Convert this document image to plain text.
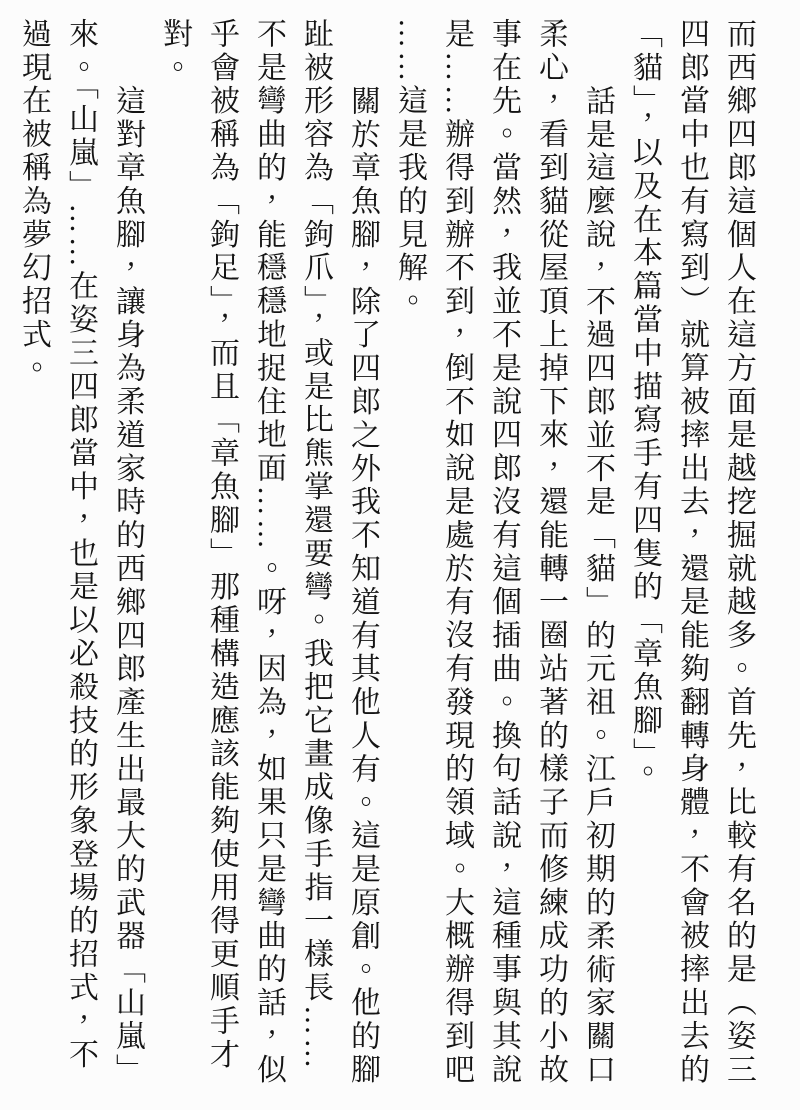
而西鄉四郎這個人在這方面是越挖掘就越多。首先，比較有名的是（姿三
四郎當中也有寫到）就算被摔出去，還是能夠翻轉身體，不會被摔出去的
「貓」，以及在本篇當中描寫手有四隻的「章魚腳」。
話是這麼說，不過四郎並不是「貓」的元祖。江戶初期的柔術家關口
柔心，看到貓從屋頂上掉下來，還能轉一圈站著的樣子而修練成功的小故
事在先。當然，我並不是說四郎沒有這個插曲。換句話說，這種事與其說
是……辦得到辦不到，倒不如說是處於有沒有發現的領域。大概辦得到吧
……這是我的見解。
關於章魚腳，除了四郎之外我不知道有其他人有。這是原創。他的腳
趾被形容為「鉤爪」，或是比熊掌還要彎。我把它畫成像手指一樣長……
不是彎曲的，能穩穩地捉住地面……。呀，因為，如果只是彎曲的話，似
乎會被稱為「鉤足」，而且「章魚腳」那種構造應該能夠使用得更順手才
對。
這對章魚腳，讓身為柔道家時的西鄉四郎產生出最大的武器「山嵐」
來。「山嵐」……在姿三四郎當中，也是以必殺技的形象登場的招式，不
過現在被稱為夢幻招式。
